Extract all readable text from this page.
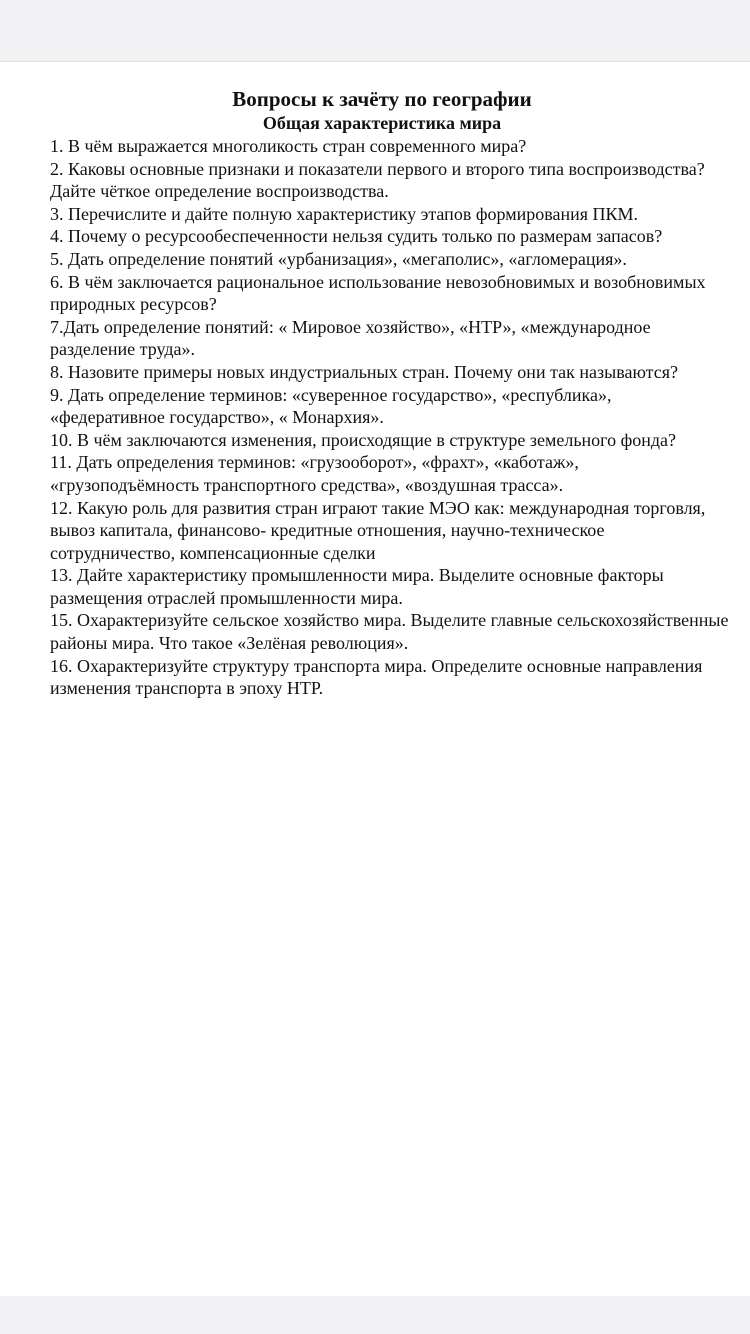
Вопросы к зачёту по географии
Общая характеристика мира
1. В чём выражается многоликость стран современного мира?
2. Каковы основные признаки и показатели первого и второго типа воспроизводства? Дайте чёткое определение воспроизводства.
3. Перечислите и дайте полную характеристику этапов формирования ПКМ.
4. Почему о ресурсообеспеченности нельзя судить только по размерам запасов?
5. Дать определение понятий «урбанизация», «мегаполис», «агломерация».
6. В чём заключается рациональное использование невозобновимых и возобновимых природных ресурсов?
7.Дать определение понятий: « Мировое хозяйство», «НТР», «международное разделение труда».
8. Назовите примеры новых индустриальных стран. Почему они так называются?
9. Дать определение терминов: «суверенное государство», «республика», «федеративное государство», « Монархия».
10. В чём заключаются изменения, происходящие в структуре земельного фонда?
11. Дать определения терминов: «грузооборот», «фрахт», «каботаж», «грузоподъёмность транспортного средства», «воздушная трасса».
12. Какую роль для развития стран играют такие МЭО как: международная торговля, вывоз капитала, финансово- кредитные отношения, научно-техническое сотрудничество, компенсационные сделки
13. Дайте характеристику промышленности мира. Выделите основные факторы размещения отраслей промышленности мира.
15. Охарактеризуйте сельское хозяйство мира. Выделите главные сельскохозяйственные районы мира. Что такое «Зелёная революция».
16. Охарактеризуйте структуру транспорта мира. Определите основные направления изменения транспорта в эпоху НТР.
